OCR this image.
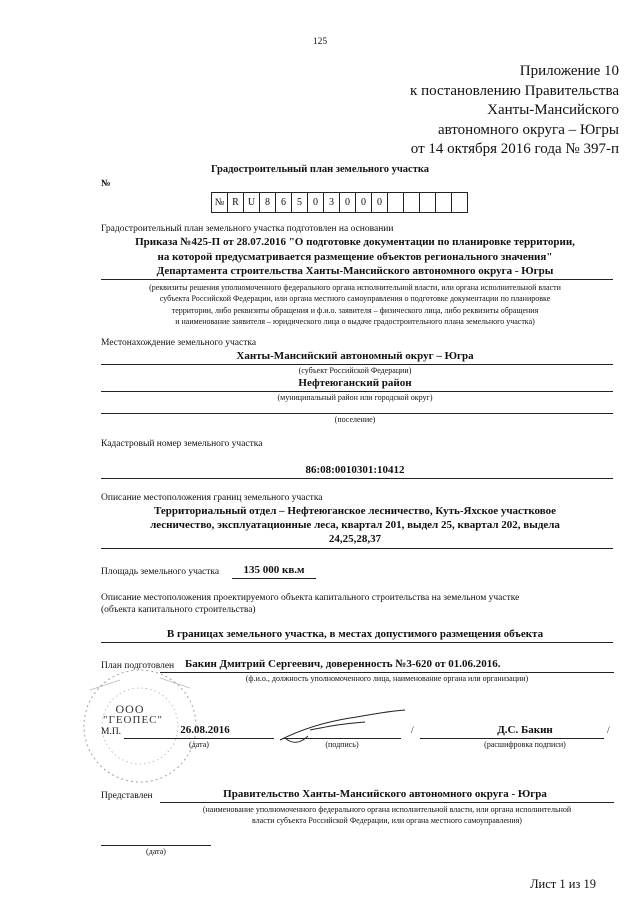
125
Приложение 10
к постановлению Правительства
Ханты-Мансийского
автономного округа – Югры
от 14 октября 2016 года № 397-п
Градостроительный план земельного участка
№
№ R U 8	6	5	0	3	0	0	0
Градостроительный план земельного участка подготовлен на основании
Приказа №425-П от 28.07.2016 "О подготовке документации по планировке территории,
на которой предусматривается размещение объектов регионального значения"
Департамента строительства Ханты-Мансийского автономного округа - Югры
(реквизиты решения уполномоченного федерального органа исполнительной власти, или органа исполнительной власти
субъекта Российской Федерации, или органа местного самоуправления о подготовке документации по планировке
территории, либо реквизиты обращения и ф.и.о. заявителя – физического лица, либо реквизиты обращения
и наименование заявителя – юридического лица о выдаче градостроительного плана земельного участка)
Местонахождение земельного участка
Ханты-Мансийский автономный округ – Югра
(субъект Российской Федерации)
Нефтеюганский район
(муниципальный район или городской округ)
(поселение)
Кадастровый номер земельного участка
86:08:0010301:10412
Описание местоположения границ земельного участка
Территориальный отдел – Нефтеюганское лесничество, Куть-Яхское участковое
лесничество, эксплуатационные леса, квартал 201, выдел 25, квартал 202, выдела
24,25,28,37
Площадь земельного участка	135 000 кв.м
Описание местоположения проектируемого объекта капитального строительства на земельном участке
(объекта капитального строительства)
В границах земельного участка, в местах допустимого размещения объекта
План подготовлен Бакин Дмитрий Сергеевич, доверенность №3-620 от 01.06.2016.
(ф.и.о., должность уполномоченного лица, наименование органа или организации)
ООО
"ГЕОПЕС"
М.П.	26.08.2016
(дата)	(подпись)
/	Д.С. Бакин	/
(расшифровка подписи)
Представлен	Правительство Ханты-Мансийского автономного округа - Югра
(наименование уполномоченного федерального органа исполнительной власти, или органа исполнительной
власти субъекта Российской Федерации, или органа местного самоуправления)
(дата)
Лист 1 из 19
